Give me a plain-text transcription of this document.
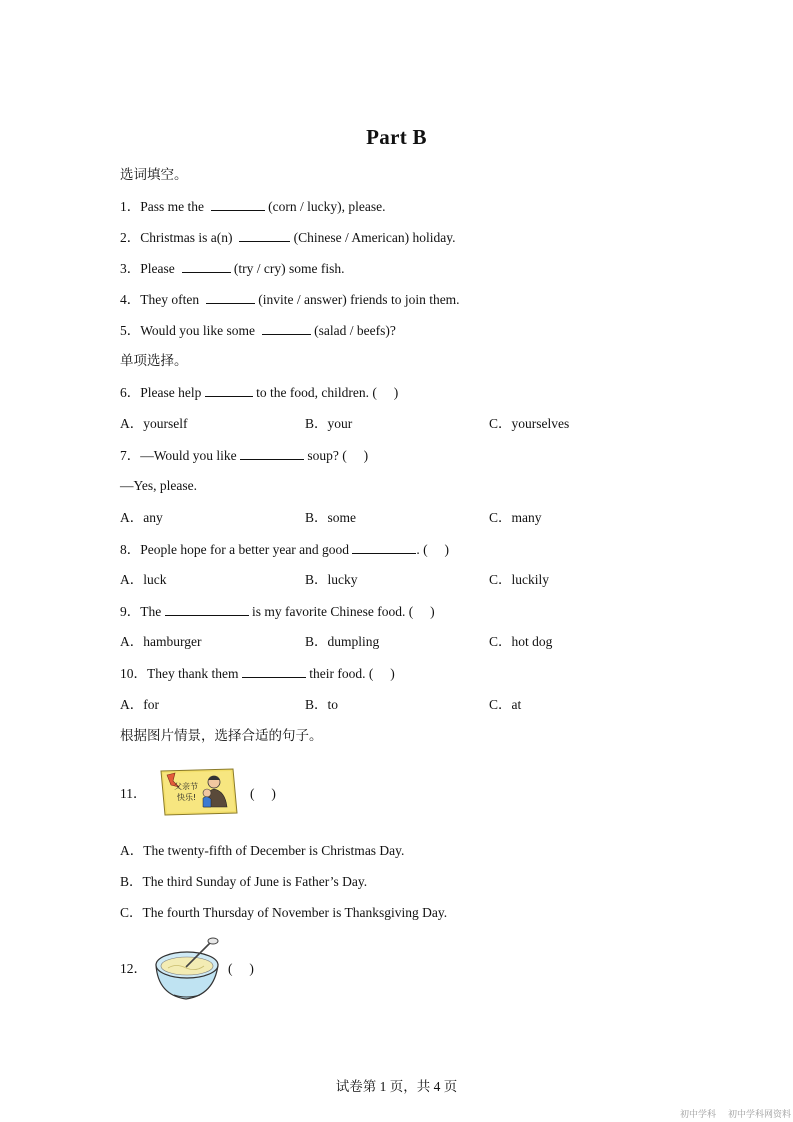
Part B
选词填空。
1．Pass me the	(corn / lucky), please.
2．Christmas is a(n)	(Chinese / American) holiday.
3．Please	(try / cry) some fish.
4．They often	(invite / answer) friends to join them.
5．Would you like some	(salad / beefs)?
单项选择。
6．Please help	to the food, children. (     )
A．yourself	B．your	C．yourselves
7．—Would you like	soup? (     )
—Yes, please.
A．any	B．some	C．many
8．People hope for a better year and good	. (     )
A．luck	B．lucky	C．luckily
9．The	is my favorite Chinese food. (     )
A．hamburger	B．dumpling	C．hot dog
10．They thank them	their food. (     )
A．for	B．to	C．at
根据图片情景，选择合适的句子。
11．	父亲节
快乐!	(     )
A．The twenty-fifth of December is Christmas Day.
B．The third Sunday of June is Father’s Day.
C．The fourth Thursday of November is Thanksgiving Day.
12．	(     )
试卷第 1 页，共 4 页
初中学科 初中学科网资料
